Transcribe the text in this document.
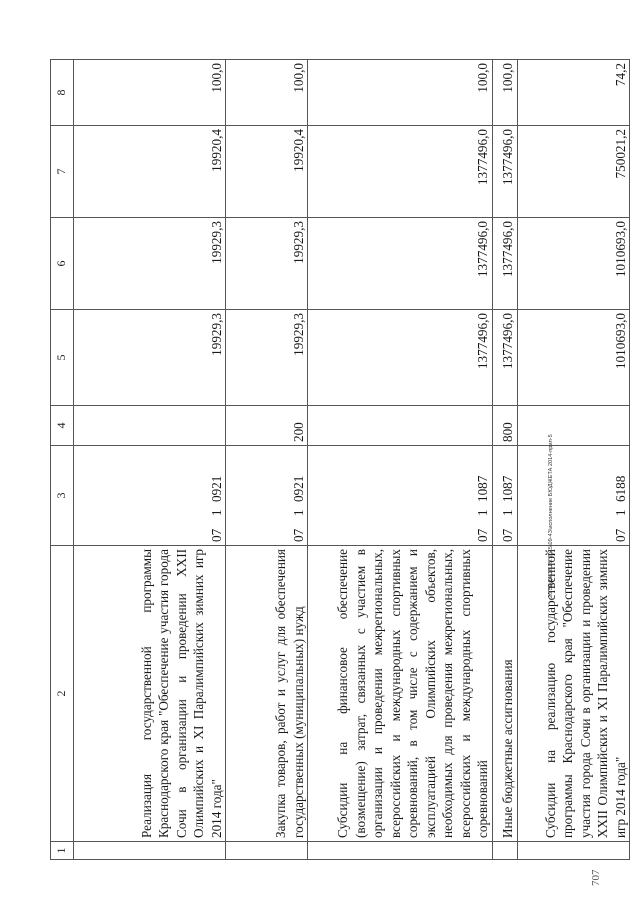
1	2	3	4	5	6	7	8
	Реализация государственной программы Краснодарского края "Обеспечение участия города Сочи в организации и проведении XXII Олимпийских и XI Паралимпийских зимних игр 2014 года"	0710921		19929,3	19929,3	19920,4	100,0
	Закупка товаров, работ и услуг для обеспечения государственных (муниципальных) нужд	0710921	200	19929,3	19929,3	19920,4	100,0
	Субсидии на финансовое обеспечение (возмещение) затрат, связанных с участием в организации и проведении межрегиональных, всероссийских и международных спортивных соревнований, в том числе с содержанием и эксплуатацией Олимпийских объектов, необходимых для проведения межрегиональных, всероссийских и международных спортивных соревнований	0711087		1377496,0	1377496,0	1377496,0	100,0
	Иные бюджетные ассигнования	0711087	800	1377496,0	1377496,0	1377496,0	100,0
	Субсидии на реализацию государственной программы Краснодарского края "Обеспечение участия города Сочи в организации и проведении XXII Олимпийских и XI Паралимпийских зимних игр 2014 года"	0716188		1010693,0	1010693,0	750021,2	74,2
20 ЗЕДА\18.05.2015\09-43\исполнение БЮДЖЕТА 2014-прил-5
707
